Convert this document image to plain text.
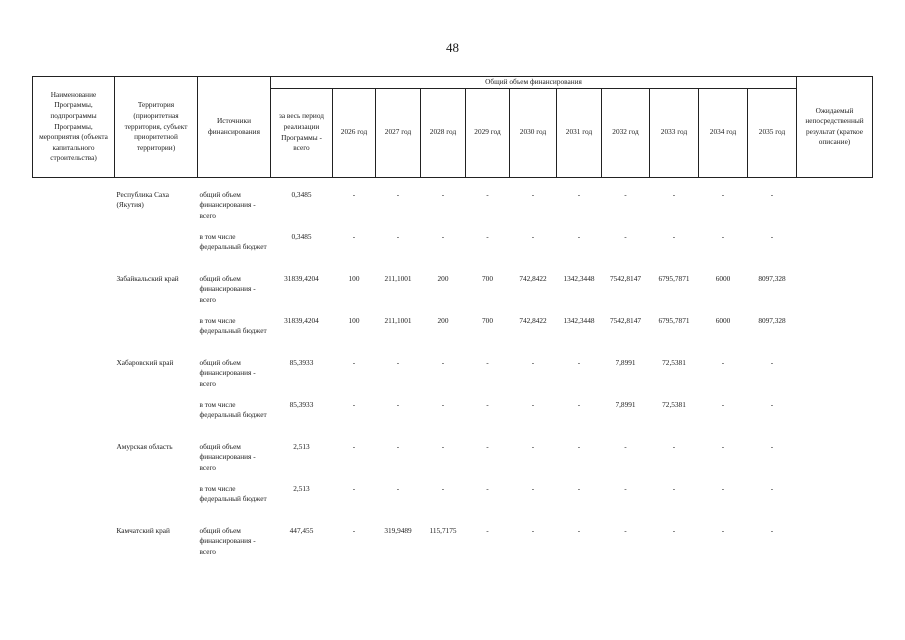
48
Наименование Программы, подпрограммы Программы, мероприятия (объекта капитального строительства)	Территория (приоритетная территория, субъект приоритетной территории)	Источники финансирования	Общий объем финансирования											Ожидаемый непосредственный результат (краткое описание)
			за весь период реализации Программы - всего	2026 год	2027 год	2028 год	2029 год	2030 год	2031 год	2032 год	2033 год	2034 год	2035 год	

	Республика Саха (Якутия)	общий объем финансирования - всего	0,3485	-	-	-	-	-	-	-	-	-	-	
		в том числе федеральный бюджет	0,3485	-	-	-	-	-	-	-	-	-	-	
	Забайкальский край	общий объем финансирования - всего	31839,4204	100	211,1001	200	700	742,8422	1342,3448	7542,8147	6795,7871	6000	8097,328	
		в том числе федеральный бюджет	31839,4204	100	211,1001	200	700	742,8422	1342,3448	7542,8147	6795,7871	6000	8097,328	
	Хабаровский край	общий объем финансирования - всего	85,3933	-	-	-	-	-	-	7,8991	72,5381	-	-	
		в том числе федеральный бюджет	85,3933	-	-	-	-	-	-	7,8991	72,5381	-	-	
	Амурская область	общий объем финансирования - всего	2,513	-	-	-	-	-	-	-	-	-	-	
		в том числе федеральный бюджет	2,513	-	-	-	-	-	-	-	-	-	-	
	Камчатский край	общий объем финансирования - всего	447,455	-	319,9489	115,7175	-	-	-	-	-	-	-	
